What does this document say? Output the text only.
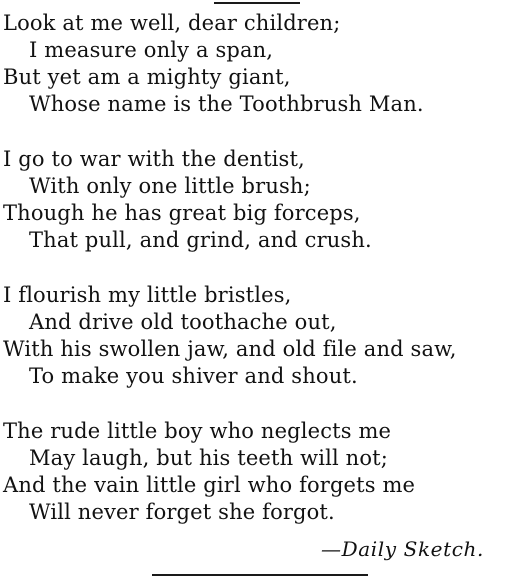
Look at me well, dear children;
I measure only a span,
But yet am a mighty giant,
Whose name is the Toothbrush Man.
I go to war with the dentist,
With only one little brush;
Though he has great big forceps,
That pull, and grind, and crush.
I flourish my little bristles,
And drive old toothache out,
With his swollen jaw, and old file and saw,
To make you shiver and shout.
The rude little boy who neglects me
May laugh, but his teeth will not;
And the vain little girl who forgets me
Will never forget she forgot.
—Daily Sketch.
